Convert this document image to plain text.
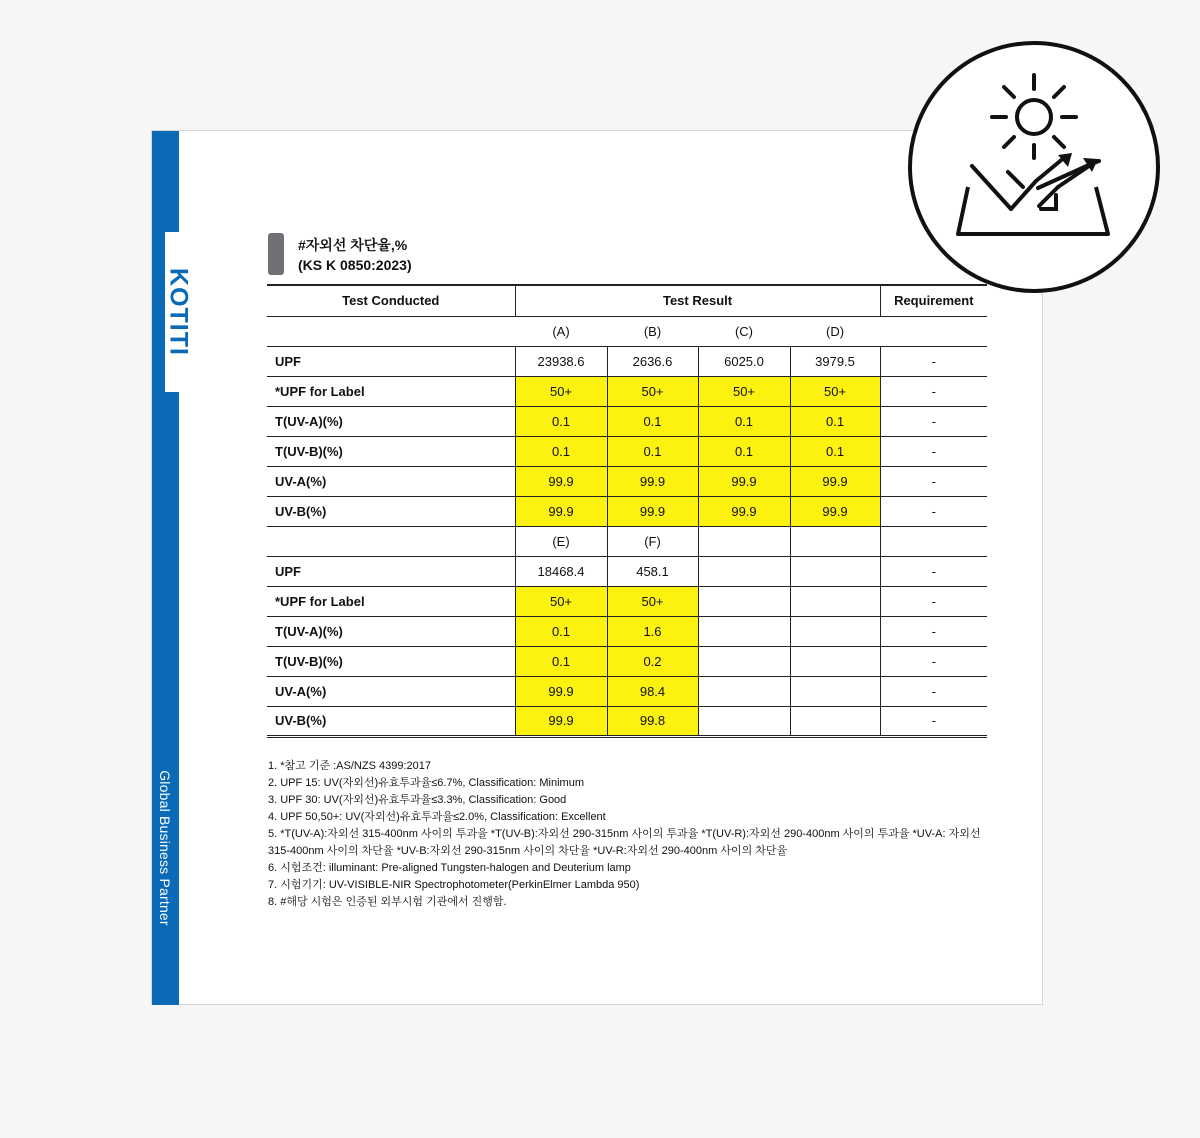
KOTITI
Global Business Partner
#자외선 차단율,%
(KS K 0850:2023)
Test Conducted	Test Result				Requirement
	(A)	(B)	(C)	(D)	
UPF	23938.6	2636.6	6025.0	3979.5	-
*UPF for Label	50+	50+	50+	50+	-
T(UV-A)(%)	0.1	0.1	0.1	0.1	-
T(UV-B)(%)	0.1	0.1	0.1	0.1	-
UV-A(%)	99.9	99.9	99.9	99.9	-
UV-B(%)	99.9	99.9	99.9	99.9	-
	(E)	(F)			
UPF	18468.4	458.1			-
*UPF for Label	50+	50+			-
T(UV-A)(%)	0.1	1.6			-
T(UV-B)(%)	0.1	0.2			-
UV-A(%)	99.9	98.4			-
UV-B(%)	99.9	99.8			-
1. *참고 기준 :AS/NZS 4399:2017
2. UPF 15: UV(자외선)유효투과율≤6.7%, Classification: Minimum
3. UPF 30: UV(자외선)유효투과율≤3.3%, Classification: Good
4. UPF 50,50+: UV(자외선)유효투과율≤2.0%, Classification: Excellent
5. *T(UV-A):자외선 315-400nm 사이의 투과율 *T(UV-B):자외선 290-315nm 사이의 투과율 *T(UV-R):자외선 290-400nm 사이의 투과율 *UV-A: 자외선 315-400nm 사이의 차단율 *UV-B:자외선 290-315nm 사이의 차단율 *UV-R:자외선 290-400nm 사이의 차단율
6. 시험조건: illuminant: Pre-aligned Tungsten-halogen and Deuterium lamp
7. 시험기기: UV-VISIBLE-NIR Spectrophotometer(PerkinElmer Lambda 950)
8. #해당 시험은 인증된 외부시험 기관에서 진행함.
